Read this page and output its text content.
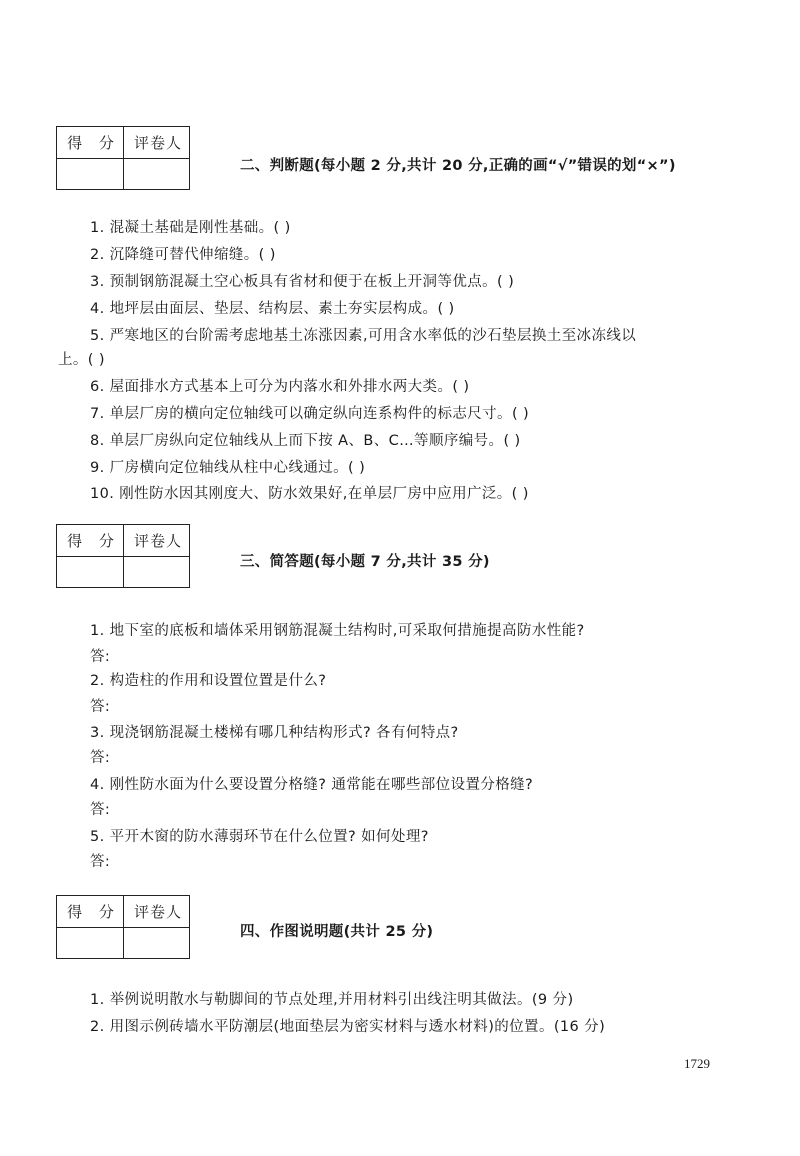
得 分	评卷人
二、判断题(每小题 2 分,共计 20 分,正确的画“√”错误的划“×”)
1. 混凝土基础是刚性基础。( )
2. 沉降缝可替代伸缩缝。( )
3. 预制钢筋混凝土空心板具有省材和便于在板上开洞等优点。( )
4. 地坪层由面层、垫层、结构层、素土夯实层构成。( )
5. 严寒地区的台阶需考虑地基土冻涨因素,可用含水率低的沙石垫层换土至冰冻线以
上。( )
6. 屋面排水方式基本上可分为内落水和外排水两大类。( )
7. 单层厂房的横向定位轴线可以确定纵向连系构件的标志尺寸。( )
8. 单层厂房纵向定位轴线从上而下按 A、B、C…等顺序编号。( )
9. 厂房横向定位轴线从柱中心线通过。( )
10. 刚性防水因其刚度大、防水效果好,在单层厂房中应用广泛。( )
得 分	评卷人
三、简答题(每小题 7 分,共计 35 分)
1. 地下室的底板和墙体采用钢筋混凝土结构时,可采取何措施提高防水性能?
答:
2. 构造柱的作用和设置位置是什么?
答:
3. 现浇钢筋混凝土楼梯有哪几种结构形式? 各有何特点?
答:
4. 刚性防水面为什么要设置分格缝? 通常能在哪些部位设置分格缝?
答:
5. 平开木窗的防水薄弱环节在什么位置? 如何处理?
答:
得 分	评卷人
四、作图说明题(共计 25 分)
1. 举例说明散水与勒脚间的节点处理,并用材料引出线注明其做法。(9 分)
2. 用图示例砖墙水平防潮层(地面垫层为密实材料与透水材料)的位置。(16 分)
1729
